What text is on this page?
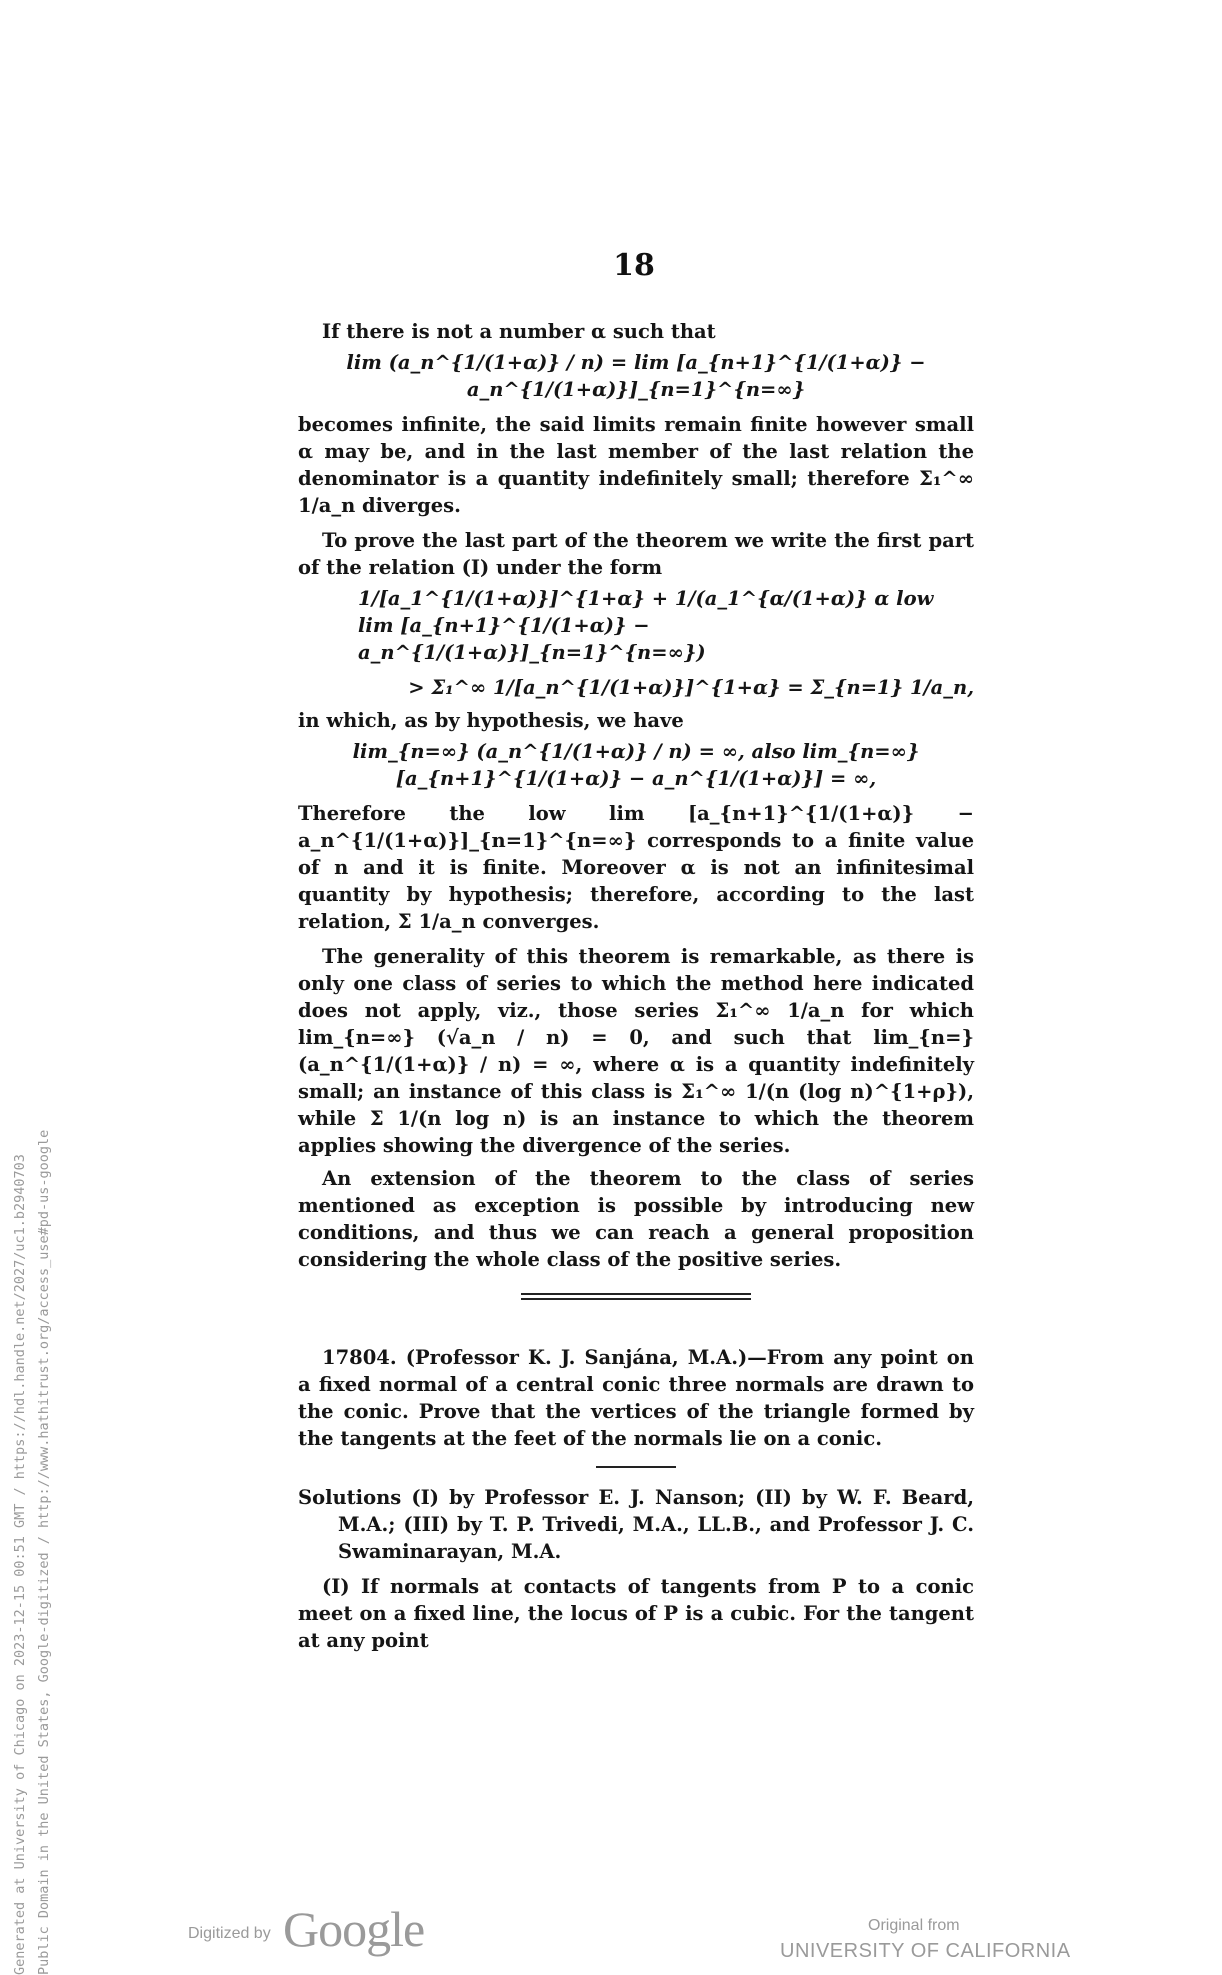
18

If there is not a number α such that

lim (a_n^{1/(1+α)} / n) = lim [a_{n+1}^{1/(1+α)} − a_n^{1/(1+α)}]_{n=1}^{n=∞}

becomes infinite, the said limits remain finite however small α may be, and in the last member of the last relation the denominator is a quantity indefinitely small; therefore Σ₁^∞ 1/a_n diverges.

To prove the last part of the theorem we write the first part of the relation (I) under the form

1/[a_1^{1/(1+α)}]^{1+α} + 1/(a_1^{α/(1+α)} α low lim [a_{n+1}^{1/(1+α)} − a_n^{1/(1+α)}]_{n=1}^{n=∞})

> Σ₁^∞ 1/[a_n^{1/(1+α)}]^{1+α} = Σ_{n=1} 1/a_n,

in which, as by hypothesis, we have

lim_{n=∞} (a_n^{1/(1+α)} / n) = ∞, also lim_{n=∞} [a_{n+1}^{1/(1+α)} − a_n^{1/(1+α)}] = ∞,

Therefore the low lim [a_{n+1}^{1/(1+α)} − a_n^{1/(1+α)}]_{n=1}^{n=∞} corresponds to a finite value of n and it is finite. Moreover α is not an infinitesimal quantity by hypothesis; therefore, according to the last relation, Σ 1/a_n converges.

The generality of this theorem is remarkable, as there is only one class of series to which the method here indicated does not apply, viz., those series Σ₁^∞ 1/a_n for which lim_{n=∞} (√a_n / n) = 0, and such that lim_{n=} (a_n^{1/(1+α)} / n) = ∞, where α is a quantity indefinitely small; an instance of this class is Σ₁^∞ 1/(n (log n)^{1+ρ}), while Σ 1/(n log n) is an instance to which the theorem applies showing the divergence of the series.

An extension of the theorem to the class of series mentioned as exception is possible by introducing new conditions, and thus we can reach a general proposition considering the whole class of the positive series.

17804. (Professor K. J. Sanjána, M.A.)—From any point on a fixed normal of a central conic three normals are drawn to the conic. Prove that the vertices of the triangle formed by the tangents at the feet of the normals lie on a conic.

Solutions (I) by Professor E. J. Nanson; (II) by W. F. Beard, M.A.; (III) by T. P. Trivedi, M.A., LL.B., and Professor J. C. Swaminarayan, M.A.

(I) If normals at contacts of tangents from P to a conic meet on a fixed line, the locus of P is a cubic. For the tangent at any point

Generated at University of Chicago on 2023-12-15 00:51 GMT / https://hdl.handle.net/2027/uc1.b2940703 Public Domain in the United States, Google-digitized / http://www.hathitrust.org/access_use#pd-us-google	Digitized by Google	Original from
UNIVERSITY OF CALIFORNIA
